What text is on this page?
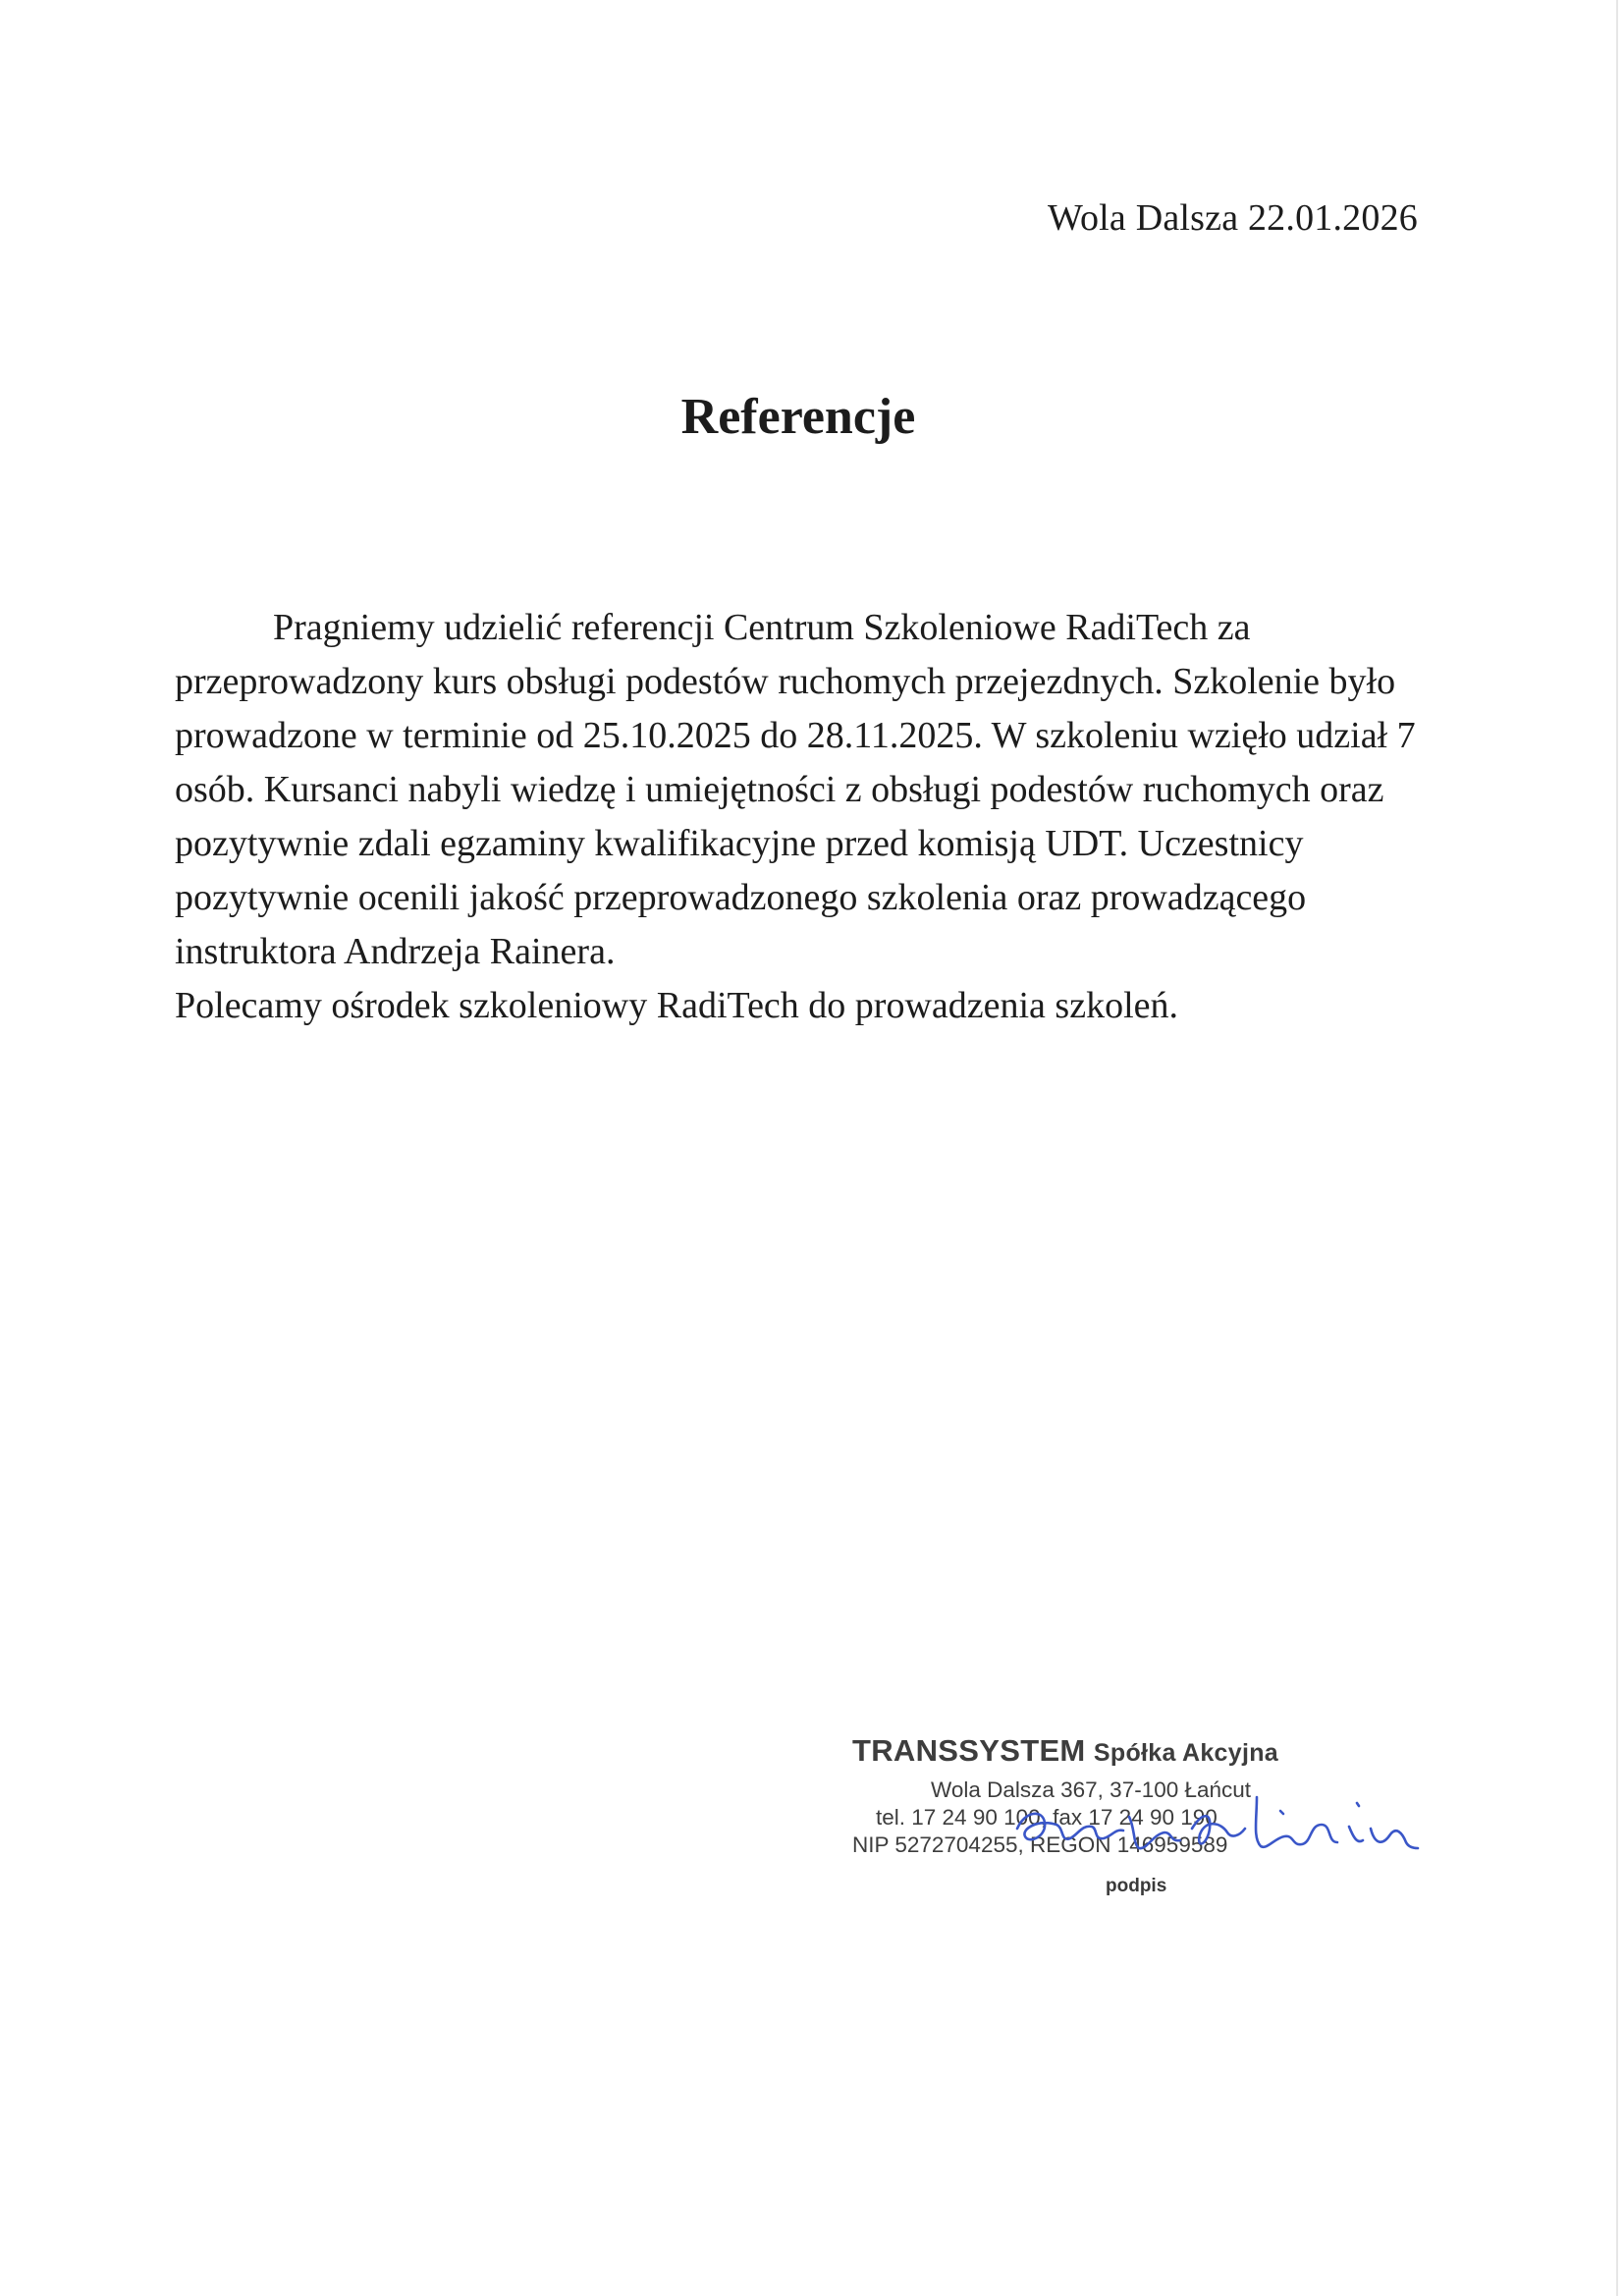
Wola Dalsza 22.01.2026
Referencje

Pragniemy udzielić referencji Centrum Szkoleniowe RadiTech za przeprowadzony kurs obsługi podestów ruchomych przejezdnych. Szkolenie było prowadzone w terminie od 25.10.2025 do 28.11.2025. W szkoleniu wzięło udział 7 osób. Kursanci nabyli wiedzę i umiejętności z obsługi podestów ruchomych oraz pozytywnie zdali egzaminy kwalifikacyjne przed komisją UDT. Uczestnicy pozytywnie ocenili jakość przeprowadzonego szkolenia oraz prowadzącego instruktora Andrzeja Rainera.

Polecamy ośrodek szkoleniowy RadiTech do prowadzenia szkoleń.

TRANSSYSTEM Spółka Akcyjna
Wola Dalsza 367, 37-100 Łańcut
tel. 17 24 90 100, fax 17 24 90 190
NIP 5272704255, REGON 146959589
podpis
